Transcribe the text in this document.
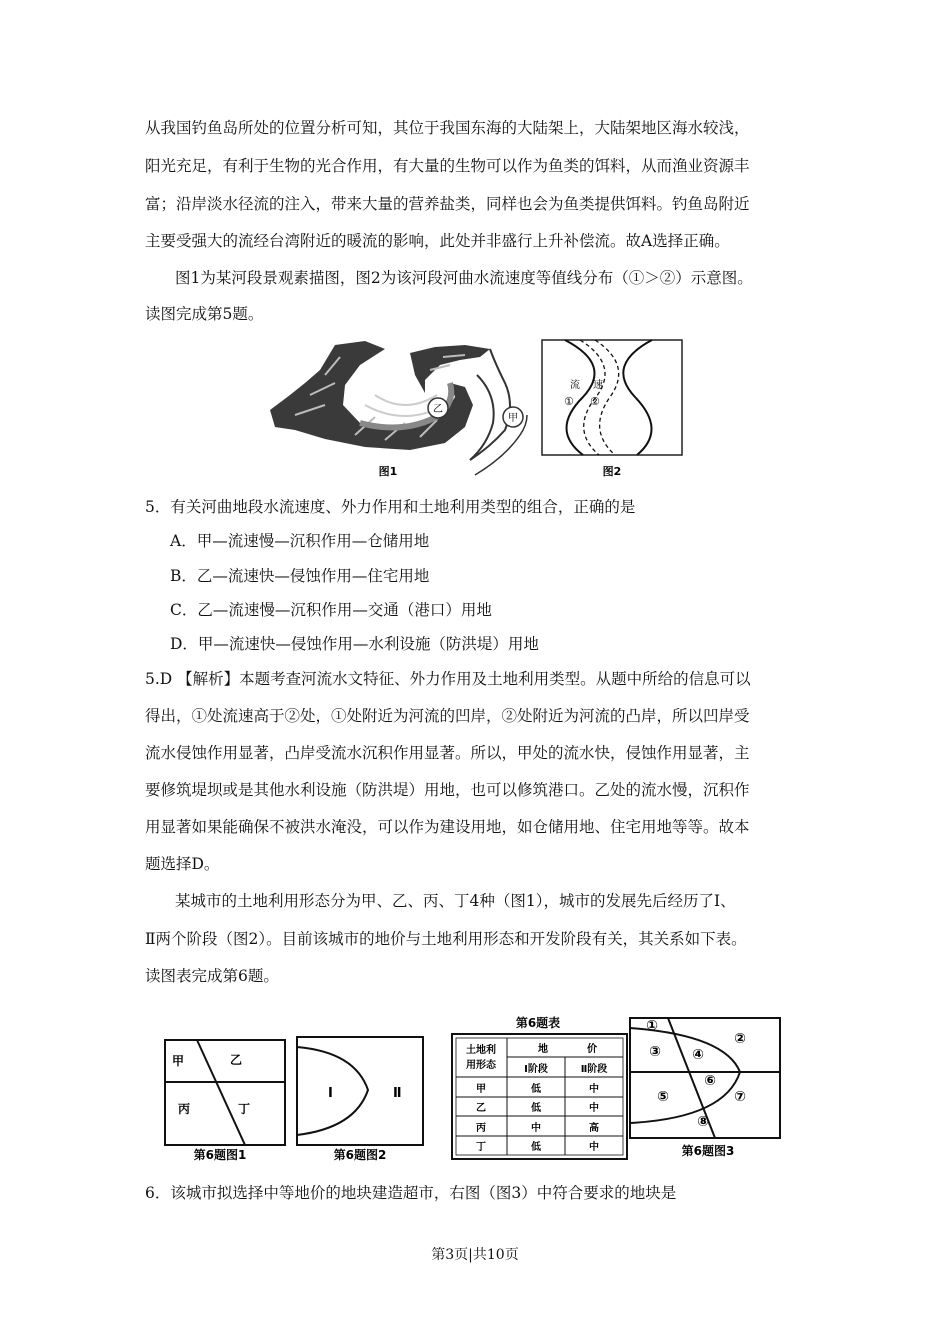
从我国钓鱼岛所处的位置分析可知，其位于我国东海的大陆架上，大陆架地区海水较浅，
阳光充足，有利于生物的光合作用，有大量的生物可以作为鱼类的饵料，从而渔业资源丰
富；沿岸淡水径流的注入，带来大量的营养盐类，同样也会为鱼类提供饵料。钓鱼岛附近
主要受强大的流经台湾附近的暖流的影响，此处并非盛行上升补偿流。故A选择正确。
图1为某河段景观素描图，图2为该河段河曲水流速度等值线分布（①＞②）示意图。
读图完成第5题。
乙
甲
图1
流 速
① ②
图2
5．有关河曲地段水流速度、外力作用和土地利用类型的组合，正确的是
A．甲—流速慢—沉积作用—仓储用地
B．乙—流速快—侵蚀作用—住宅用地
C．乙—流速慢—沉积作用—交通（港口）用地
D．甲—流速快—侵蚀作用—水利设施（防洪堤）用地
5.D 【解析】本题考查河流水文特征、外力作用及土地利用类型。从题中所给的信息可以
得出，①处流速高于②处，①处附近为河流的凹岸，②处附近为河流的凸岸，所以凹岸受
流水侵蚀作用显著，凸岸受流水沉积作用显著。所以，甲处的流水快，侵蚀作用显著，主
要修筑堤坝或是其他水利设施（防洪堤）用地，也可以修筑港口。乙处的流水慢，沉积作
用显著如果能确保不被洪水淹没，可以作为建设用地，如仓储用地、住宅用地等等。故本
题选择D。
某城市的土地利用形态分为甲、乙、丙、丁4种（图1），城市的发展先后经历了Ⅰ、
Ⅱ两个阶段（图2）。目前该城市的地价与土地利用形态和开发阶段有关，其关系如下表。
读图表完成第6题。
甲	乙
丙	丁
第6题图1
Ⅰ	Ⅱ
第6题图2
第6题表
土地利
用形态
地	价
Ⅰ阶段	Ⅱ阶段
甲	低	中
乙	低	中
丙	中	高
丁	低	中
①
②
③ ④
⑤
⑥
⑦
⑧
第6题图3
6．该城市拟选择中等地价的地块建造超市，右图（图3）中符合要求的地块是
第3页|共10页
